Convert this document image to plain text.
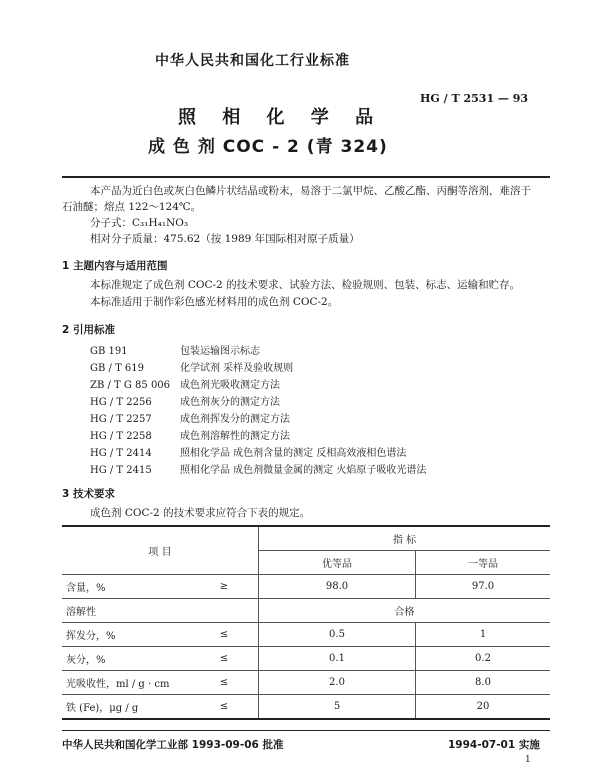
中华人民共和国化工行业标准
照 相 化 学 品
成 色 剂 COC - 2 (青 324)
HG / T 2531 — 93
本产品为近白色或灰白色鳞片状结晶或粉末，易溶于二氯甲烷、乙酸乙酯、丙酮等溶剂，难溶于
石油醚；熔点 122～124℃。
分子式：C₃₁H₄₁NO₃
相对分子质量：475.62（按 1989 年国际相对原子质量）
1 主题内容与适用范围
本标准规定了成色剂 COC-2 的技术要求、试验方法、检验规则、包装、标志、运输和贮存。
本标准适用于制作彩色感光材料用的成色剂 COC-2。
2 引用标准
GB 191	包装运输图示标志
GB / T 619	化学试剂 采样及验收规则
ZB / T G 85 006 成色剂光吸收测定方法
HG / T 2256	成色剂灰分的测定方法
HG / T 2257	成色剂挥发分的测定方法
HG / T 2258	成色剂溶解性的测定方法
HG / T 2414	照相化学品 成色剂含量的测定 反相高效液相色谱法
HG / T 2415	照相化学品 成色剂微量金属的测定 火焰原子吸收光谱法
3 技术要求
成色剂 COC-2 的技术要求应符合下表的规定。
项 目		指 标	
		优等品	一等品
含量，%	≥	98.0	97.0
溶解性		合格	
挥发分，%	≤	0.5	1
灰分，%	≤	0.1	0.2
光吸收性，ml / g · cm	≤	2.0	8.0
铁 (Fe)，μg / g	≤	5	20
中华人民共和国化学工业部 1993-09-06 批准	1994-07-01 实施
1
